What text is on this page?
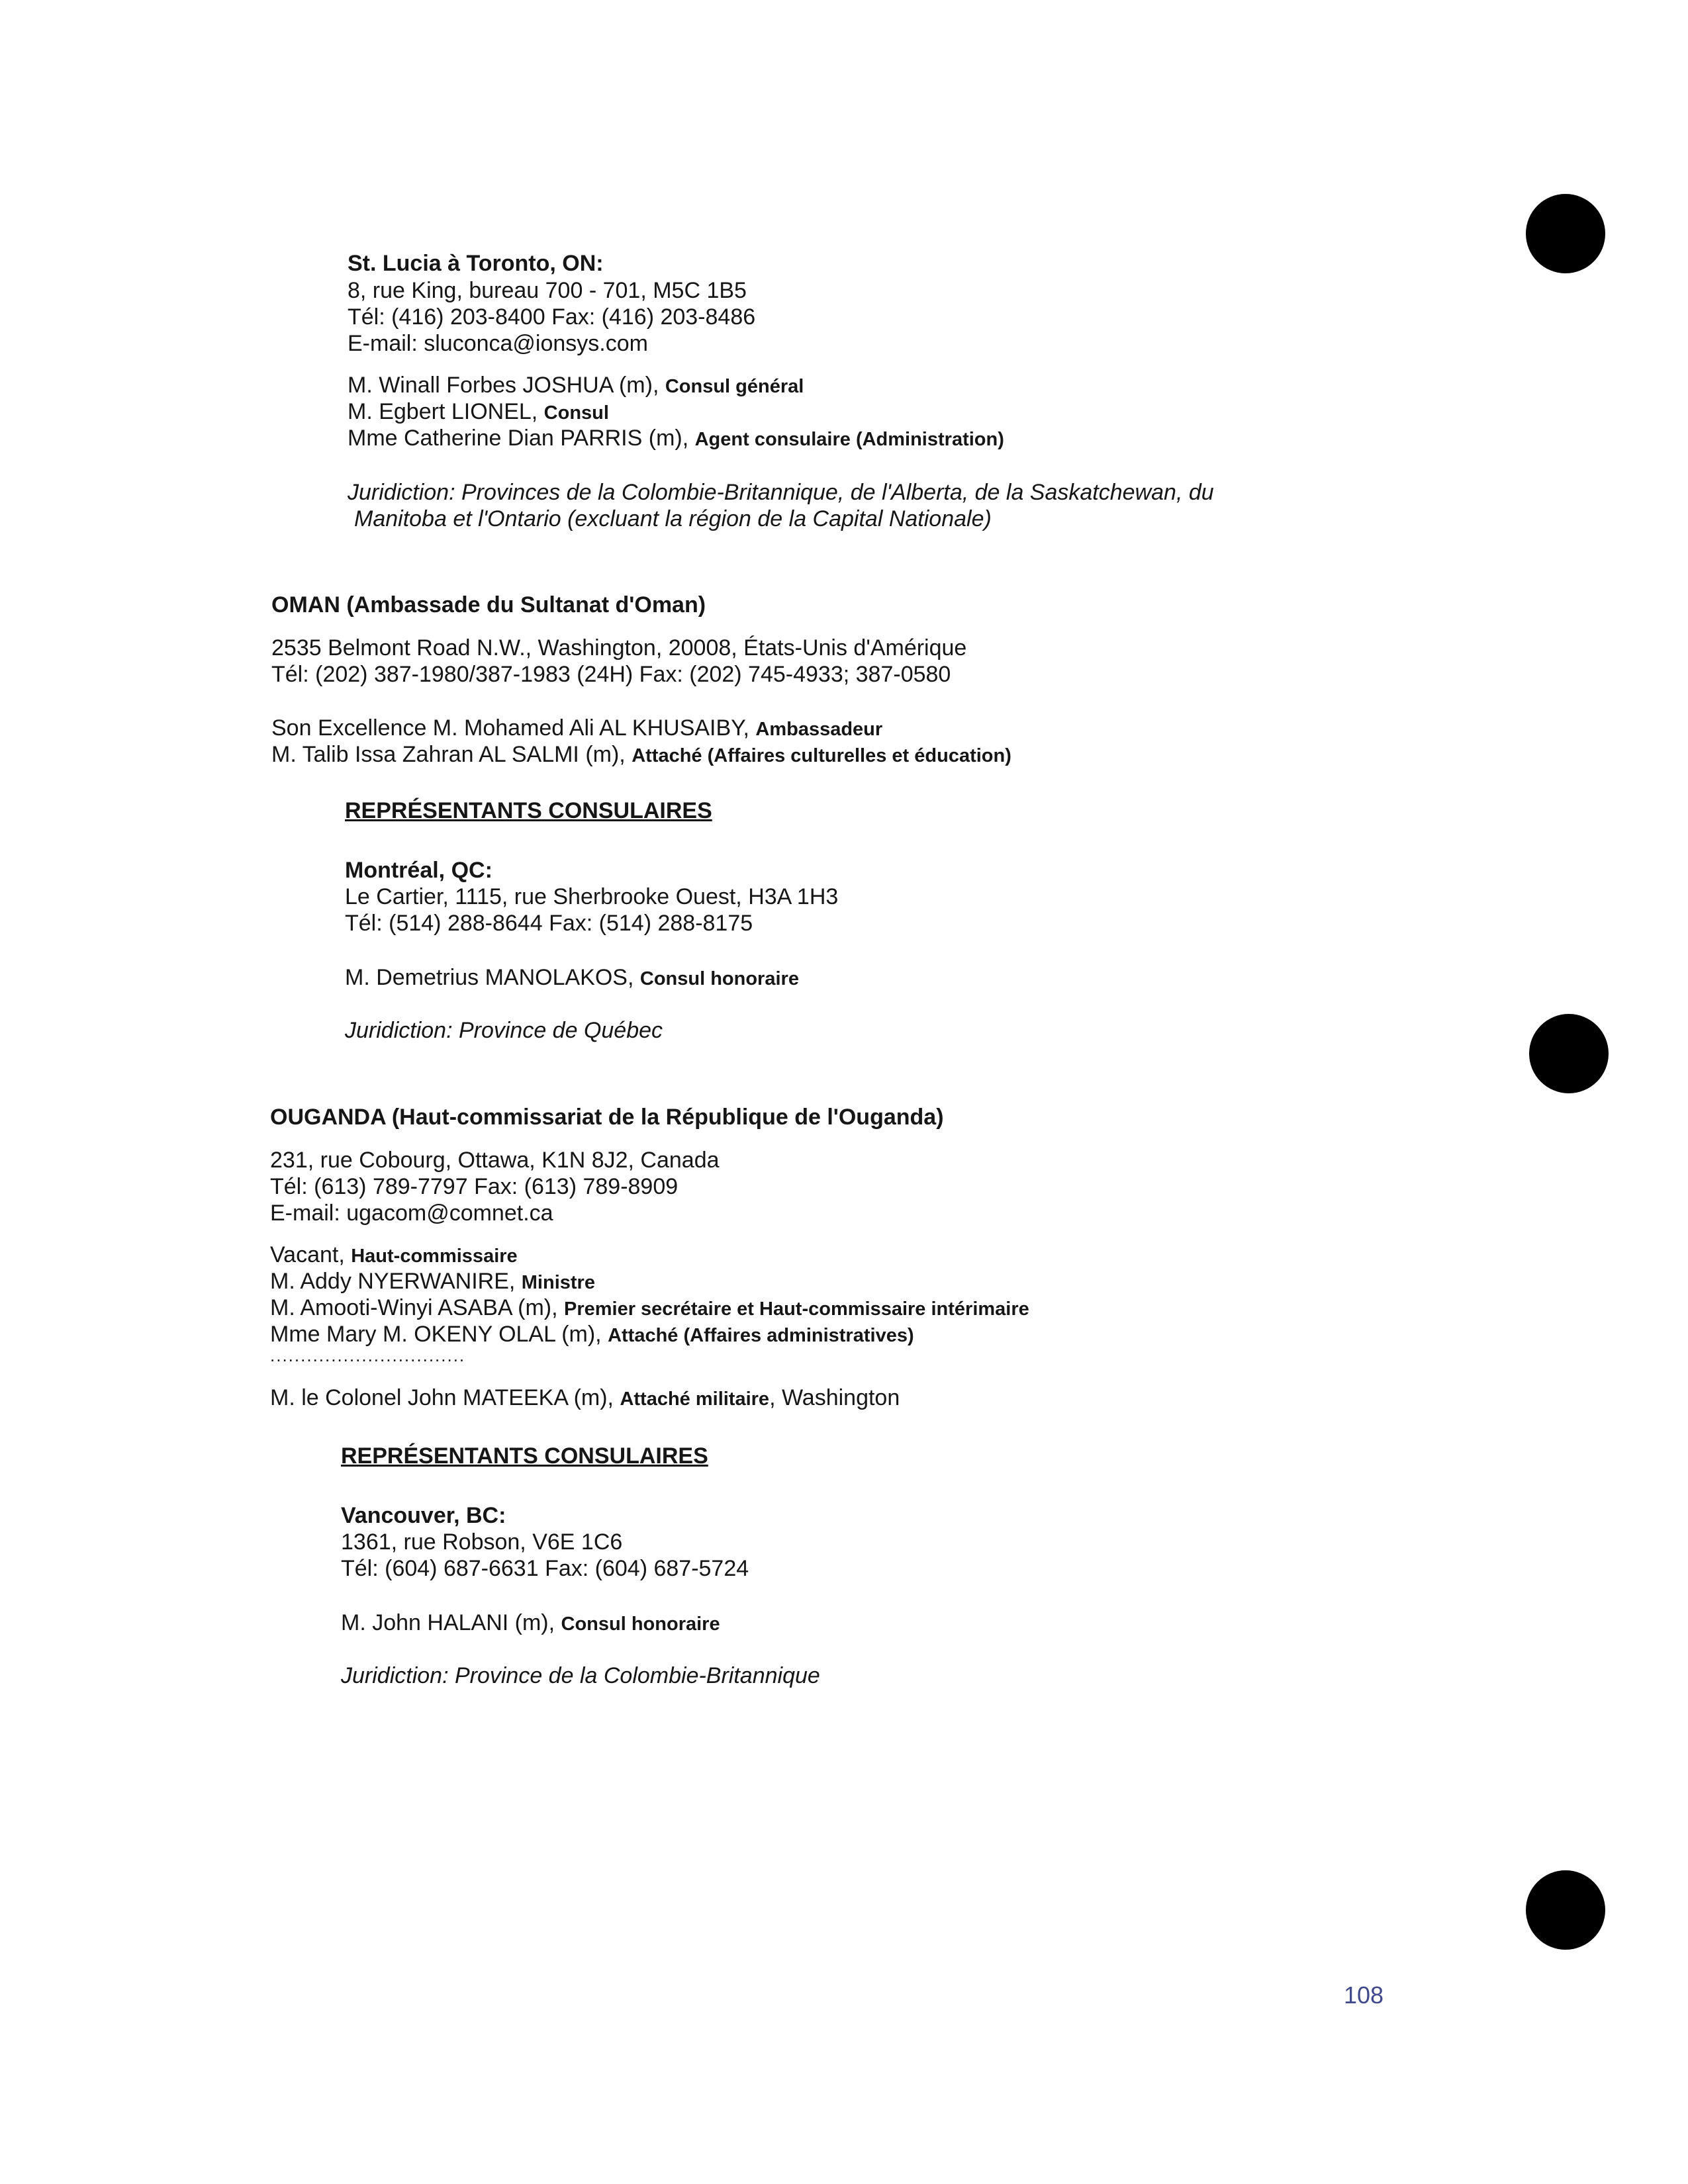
St. Lucia à Toronto, ON:
8, rue King, bureau 700 - 701, M5C 1B5
Tél: (416) 203-8400 Fax: (416) 203-8486
E-mail: sluconca@ionsys.com
M. Winall Forbes JOSHUA (m), Consul général
M. Egbert LIONEL, Consul
Mme Catherine Dian PARRIS (m), Agent consulaire (Administration)
Juridiction: Provinces de la Colombie-Britannique, de l'Alberta, de la Saskatchewan, du
Manitoba et l'Ontario (excluant la région de la Capital Nationale)
OMAN (Ambassade du Sultanat d'Oman)
2535 Belmont Road N.W., Washington, 20008, États-Unis d'Amérique
Tél: (202) 387-1980/387-1983 (24H) Fax: (202) 745-4933; 387-0580
Son Excellence M. Mohamed Ali AL KHUSAIBY, Ambassadeur
M. Talib Issa Zahran AL SALMI (m), Attaché (Affaires culturelles et éducation)
REPRÉSENTANTS CONSULAIRES
Montréal, QC:
Le Cartier, 1115, rue Sherbrooke Ouest, H3A 1H3
Tél: (514) 288-8644 Fax: (514) 288-8175
M. Demetrius MANOLAKOS, Consul honoraire
Juridiction: Province de Québec
OUGANDA (Haut-commissariat de la République de l'Ouganda)
231, rue Cobourg, Ottawa, K1N 8J2, Canada
Tél: (613) 789-7797 Fax: (613) 789-8909
E-mail: ugacom@comnet.ca
Vacant, Haut-commissaire
M. Addy NYERWANIRE, Ministre
M. Amooti-Winyi ASABA (m), Premier secrétaire et Haut-commissaire intérimaire
Mme Mary M. OKENY OLAL (m), Attaché (Affaires administratives)
................................
M. le Colonel John MATEEKA (m), Attaché militaire, Washington
REPRÉSENTANTS CONSULAIRES
Vancouver, BC:
1361, rue Robson, V6E 1C6
Tél: (604) 687-6631 Fax: (604) 687-5724
M. John HALANI (m), Consul honoraire
Juridiction: Province de la Colombie-Britannique
108
